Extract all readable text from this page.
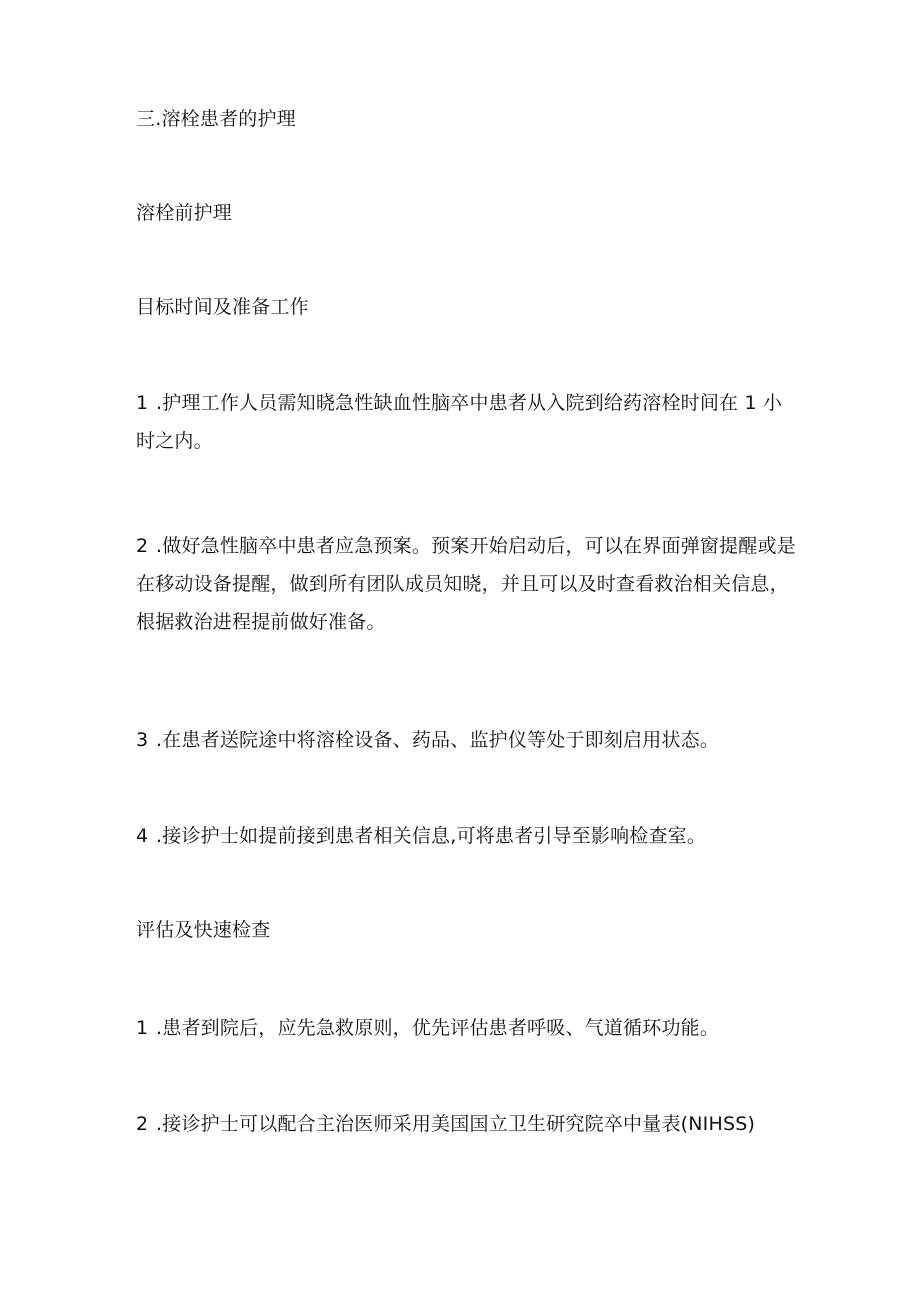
三.溶栓患者的护理
溶栓前护理
目标时间及准备工作
1 .护理工作人员需知晓急性缺血性脑卒中患者从入院到给药溶栓时间在 1 小时之内。
2 .做好急性脑卒中患者应急预案。预案开始启动后，可以在界面弹窗提醒或是在移动设备提醒，做到所有团队成员知晓，并且可以及时查看救治相关信息，根据救治进程提前做好准备。
3 .在患者送院途中将溶栓设备、药品、监护仪等处于即刻启用状态。
4 .接诊护士如提前接到患者相关信息,可将患者引导至影响检查室。
评估及快速检查
1 .患者到院后，应先急救原则，优先评估患者呼吸、气道循环功能。
2 .接诊护士可以配合主治医师采用美国国立卫生研究院卒中量表(NIHSS)
